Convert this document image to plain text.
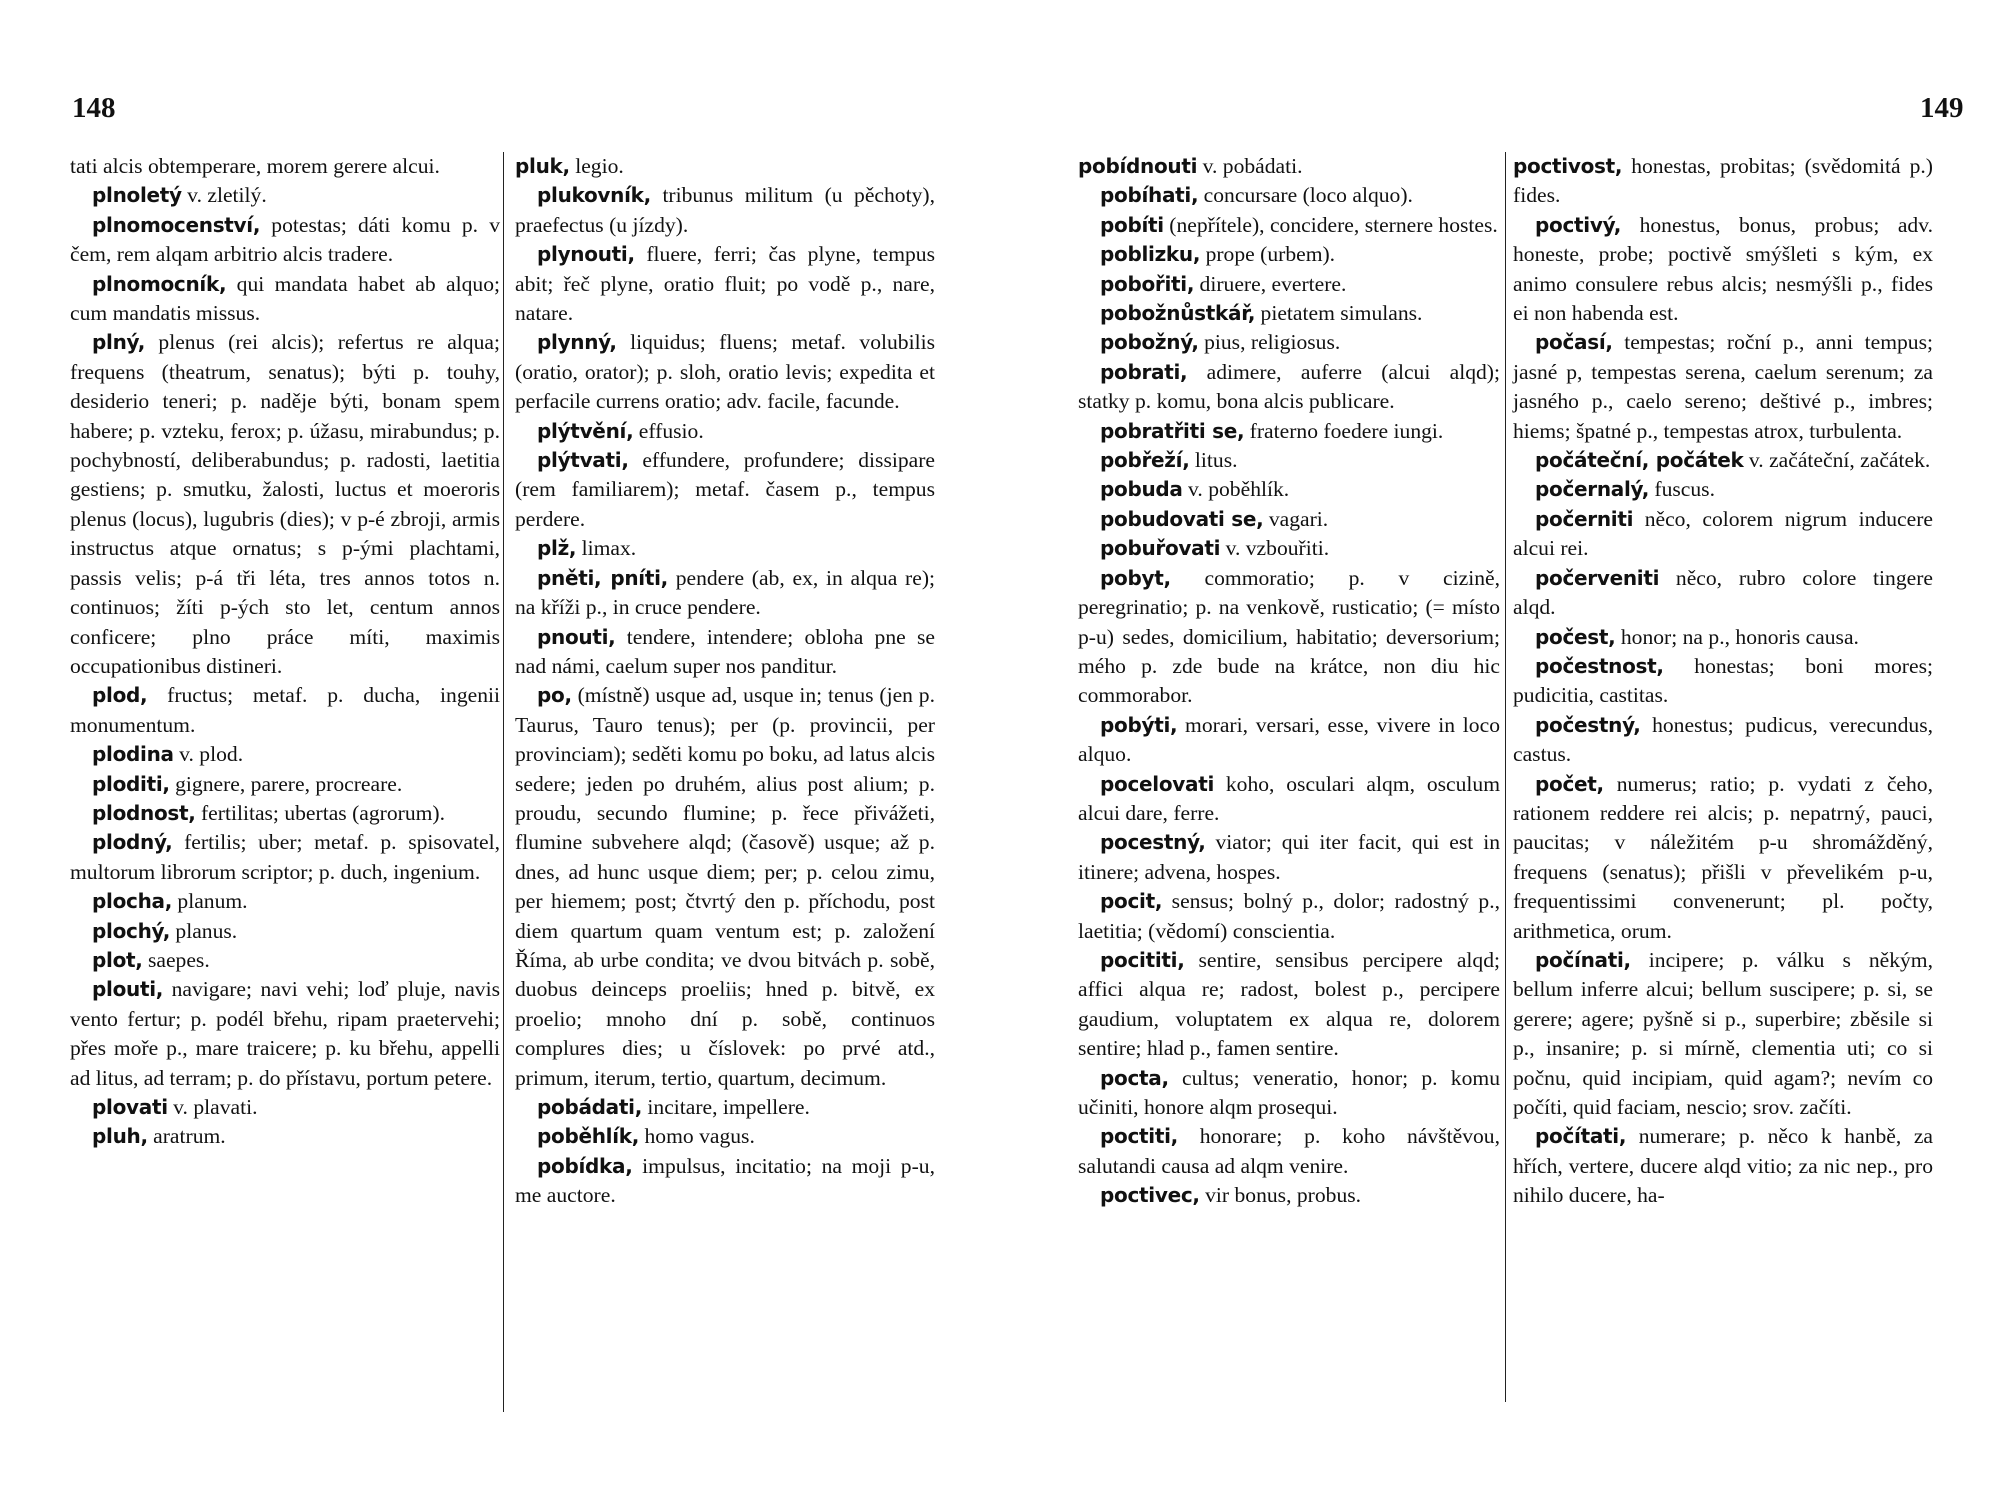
148

tati alcis obtemperare, morem gerere alcui.

plnoletý v. zletilý.

plnomocenství, potestas; dáti komu p. v čem, rem alqam arbitrio alcis tradere.

plnomocník, qui mandata habet ab alquo; cum mandatis missus.

plný, plenus (rei alcis); refertus re alqua; frequens (theatrum, senatus); býti p. touhy, desiderio teneri; p. naděje býti, bonam spem habere; p. vzteku, ferox; p. úžasu, mirabundus; p. pochybností, deliberabundus; p. radosti, laetitia gestiens; p. smutku, žalosti, luctus et moeroris plenus (locus), lugubris (dies); v p-é zbroji, armis instructus atque ornatus; s p-ými plachtami, passis velis; p-á tři léta, tres annos totos n. continuos; žíti p-ých sto let, centum annos conficere; plno práce míti, maximis occupationibus distineri.

plod, fructus; metaf. p. ducha, ingenii monumentum.

plodina v. plod.

ploditi, gignere, parere, procreare.

plodnost, fertilitas; ubertas (agrorum).

plodný, fertilis; uber; metaf. p. spisovatel, multorum librorum scriptor; p. duch, ingenium.

plocha, planum.

plochý, planus.

plot, saepes.

plouti, navigare; navi vehi; loď pluje, navis vento fertur; p. podél břehu, ripam praetervehi; přes moře p., mare traicere; p. ku břehu, appelli ad litus, ad terram; p. do přístavu, portum petere.

plovati v. plavati.

pluh, aratrum.

pluk, legio.

plukovník, tribunus militum (u pěchoty), praefectus (u jízdy).

plynouti, fluere, ferri; čas plyne, tempus abit; řeč plyne, oratio fluit; po vodě p., nare, natare.

plynný, liquidus; fluens; metaf. volubilis (oratio, orator); p. sloh, oratio levis; expedita et perfacile currens oratio; adv. facile, facunde.

plýtvění, effusio.

plýtvati, effundere, profundere; dissipare (rem familiarem); metaf. časem p., tempus perdere.

plž, limax.

pněti, pníti, pendere (ab, ex, in alqua re); na kříži p., in cruce pendere.

pnouti, tendere, intendere; obloha pne se nad námi, caelum super nos panditur.

po, (místně) usque ad, usque in; tenus (jen p. Taurus, Tauro tenus); per (p. provincii, per provinciam); seděti komu po boku, ad latus alcis sedere; jeden po druhém, alius post alium; p. proudu, secundo flumine; p. řece přivážeti, flumine subvehere alqd; (časově) usque; až p. dnes, ad hunc usque diem; per; p. celou zimu, per hiemem; post; čtvrtý den p. příchodu, post diem quartum quam ventum est; p. založení Říma, ab urbe condita; ve dvou bitvách p. sobě, duobus deinceps proeliis; hned p. bitvě, ex proelio; mnoho dní p. sobě, continuos complures dies; u číslovek: po prvé atd., primum, iterum, tertio, quartum, decimum.

pobádati, incitare, impellere.

poběhlík, homo vagus.

pobídka, impulsus, incitatio; na moji p-u, me auctore.

149

pobídnouti v. pobádati.

pobíhati, concursare (loco alquo).

pobíti (nepřítele), concidere, sternere hostes.

poblizku, prope (urbem).

pobořiti, diruere, evertere.

pobožnůstkář, pietatem simulans.

pobožný, pius, religiosus.

pobrati, adimere, auferre (alcui alqd); statky p. komu, bona alcis publicare.

pobratřiti se, fraterno foedere iungi.

pobřeží, litus.

pobuda v. poběhlík.

pobudovati se, vagari.

pobuřovati v. vzbouřiti.

pobyt, commoratio; p. v cizině, peregrinatio; p. na venkově, rusticatio; (= místo p-u) sedes, domicilium, habitatio; deversorium; mého p. zde bude na krátce, non diu hic commorabor.

pobýti, morari, versari, esse, vivere in loco alquo.

pocelovati koho, osculari alqm, osculum alcui dare, ferre.

pocestný, viator; qui iter facit, qui est in itinere; advena, hospes.

pocit, sensus; bolný p., dolor; radostný p., laetitia; (vědomí) conscientia.

pocititi, sentire, sensibus percipere alqd; affici alqua re; radost, bolest p., percipere gaudium, voluptatem ex alqua re, dolorem sentire; hlad p., famen sentire.

pocta, cultus; veneratio, honor; p. komu učiniti, honore alqm prosequi.

poctiti, honorare; p. koho návštěvou, salutandi causa ad alqm venire.

poctivec, vir bonus, probus.

poctivost, honestas, probitas; (svědomitá p.) fides.

poctivý, honestus, bonus, probus; adv. honeste, probe; poctivě smýšleti s kým, ex animo consulere rebus alcis; nesmýšli p., fides ei non habenda est.

počasí, tempestas; roční p., anni tempus; jasné p, tempestas serena, caelum serenum; za jasného p., caelo sereno; deštivé p., imbres; hiems; špatné p., tempestas atrox, turbulenta.

počáteční, počátek v. začáteční, začátek.

počernalý, fuscus.

počerniti něco, colorem nigrum inducere alcui rei.

počerveniti něco, rubro colore tingere alqd.

počest, honor; na p., honoris causa.

počestnost, honestas; boni mores; pudicitia, castitas.

počestný, honestus; pudicus, verecundus, castus.

počet, numerus; ratio; p. vydati z čeho, rationem reddere rei alcis; p. nepatrný, pauci, paucitas; v náležitém p-u shromážděný, frequens (senatus); přišli v převelikém p-u, frequentissimi convenerunt; pl. počty, arithmetica, orum.

počínati, incipere; p. válku s někým, bellum inferre alcui; bellum suscipere; p. si, se gerere; agere; pyšně si p., superbire; zběsile si p., insanire; p. si mírně, clementia uti; co si počnu, quid incipiam, quid agam?; nevím co počíti, quid faciam, nescio; srov. začíti.

počítati, numerare; p. něco k hanbě, za hřích, vertere, ducere alqd vitio; za nic nep., pro nihilo ducere, ha-
